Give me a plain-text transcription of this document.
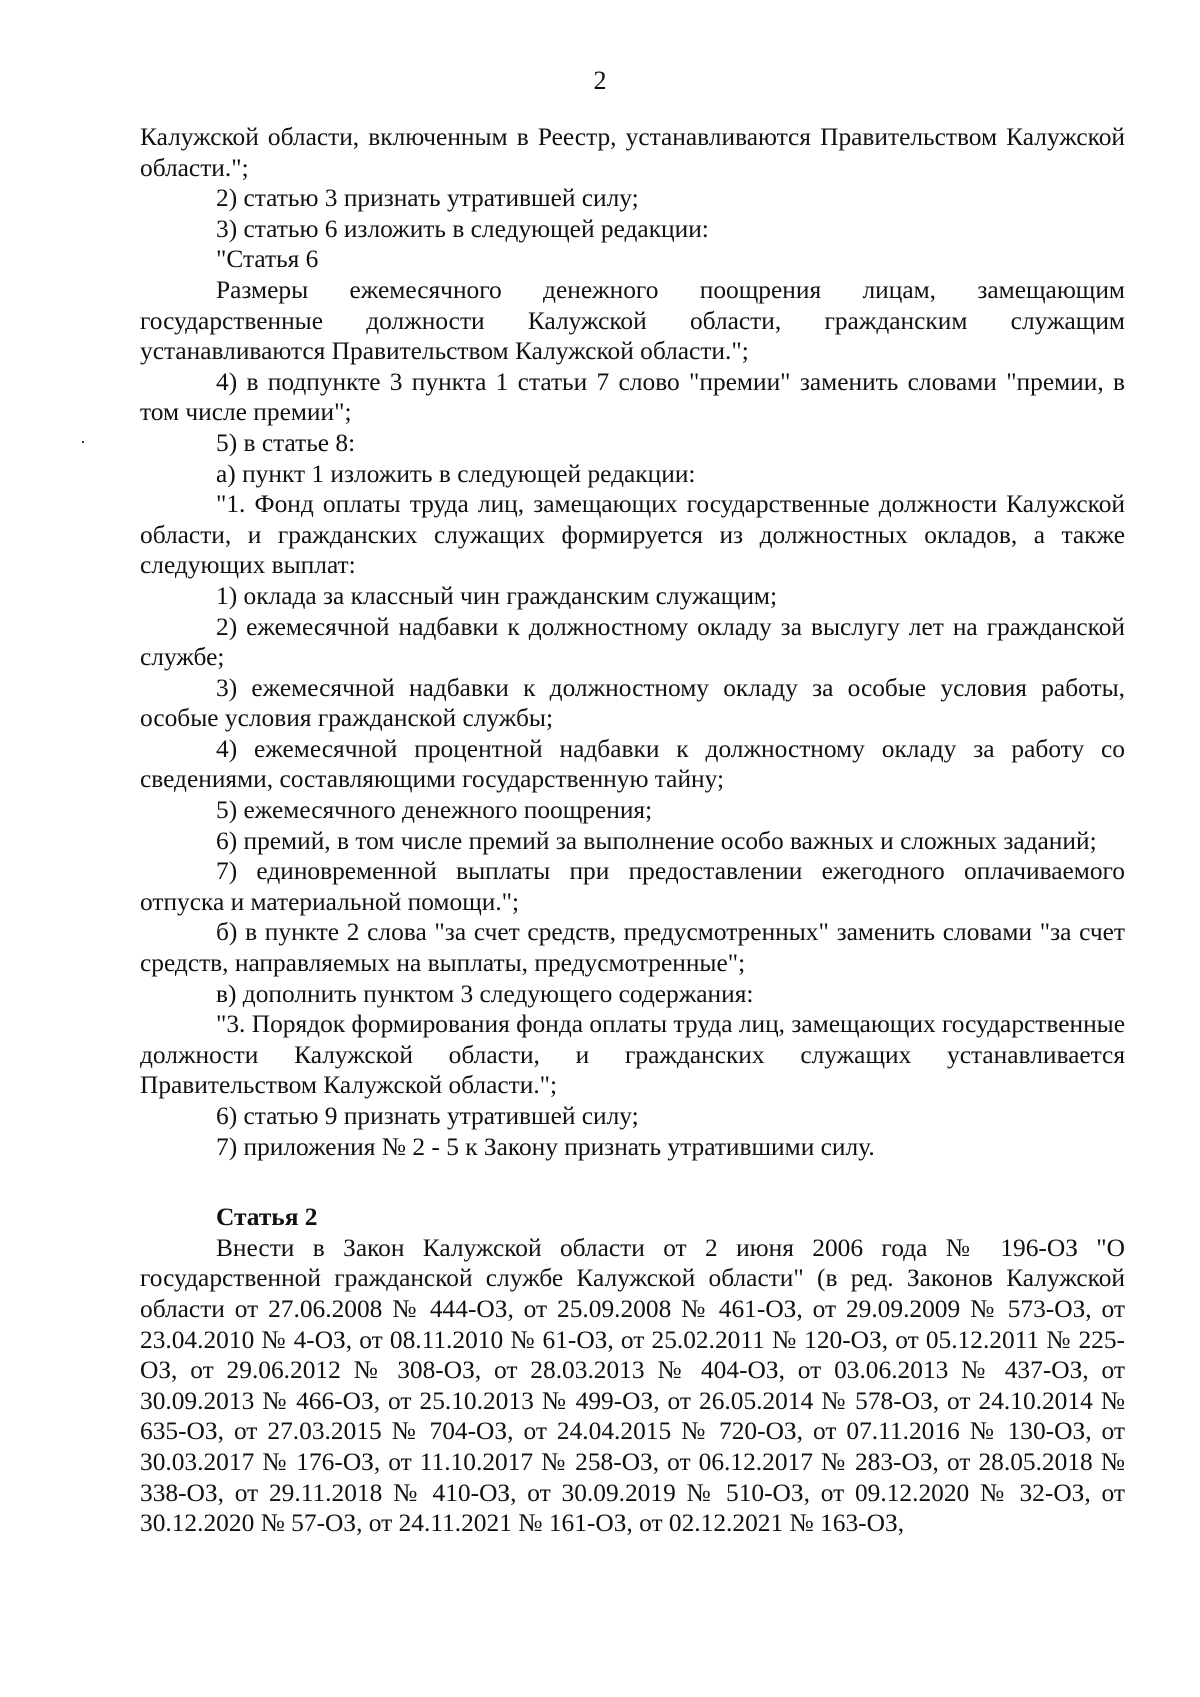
2

Калужской области, включенным в Реестр, устанавливаются Правительством Калужской области.";

2) статью 3 признать утратившей силу;

3) статью 6 изложить в следующей редакции:

"Статья 6

Размеры ежемесячного денежного поощрения лицам, замещающим государственные должности Калужской области, гражданским служащим устанавливаются Правительством Калужской области.";

4) в подпункте 3 пункта 1 статьи 7 слово "премии" заменить словами "премии, в том числе премии";

5) в статье 8:

а) пункт 1 изложить в следующей редакции:

"1. Фонд оплаты труда лиц, замещающих государственные должности Калужской области, и гражданских служащих формируется из должностных окладов, а также следующих выплат:

1) оклада за классный чин гражданским служащим;

2) ежемесячной надбавки к должностному окладу за выслугу лет на гражданской службе;

3) ежемесячной надбавки к должностному окладу за особые условия работы, особые условия гражданской службы;

4) ежемесячной процентной надбавки к должностному окладу за работу со сведениями, составляющими государственную тайну;

5) ежемесячного денежного поощрения;

6) премий, в том числе премий за выполнение особо важных и сложных заданий;

7) единовременной выплаты при предоставлении ежегодного оплачиваемого отпуска и материальной помощи.";

б) в пункте 2 слова "за счет средств, предусмотренных" заменить словами "за счет средств, направляемых на выплаты, предусмотренные";

в) дополнить пунктом 3 следующего содержания:

"3. Порядок формирования фонда оплаты труда лиц, замещающих государственные должности Калужской области, и гражданских служащих устанавливается Правительством Калужской области.";

6) статью 9 признать утратившей силу;

7) приложения № 2 - 5 к Закону признать утратившими силу.

Статья 2

Внести в Закон Калужской области от 2 июня 2006 года № 196-ОЗ "О государственной гражданской службе Калужской области" (в ред. Законов Калужской области от 27.06.2008 № 444-ОЗ, от 25.09.2008 № 461-ОЗ, от 29.09.2009 № 573-ОЗ, от 23.04.2010 № 4-ОЗ, от 08.11.2010 № 61-ОЗ, от 25.02.2011 № 120-ОЗ, от 05.12.2011 № 225-ОЗ, от 29.06.2012 № 308-ОЗ, от 28.03.2013 № 404-ОЗ, от 03.06.2013 № 437-ОЗ, от 30.09.2013 № 466-ОЗ, от 25.10.2013 № 499-ОЗ, от 26.05.2014 № 578-ОЗ, от 24.10.2014 № 635-ОЗ, от 27.03.2015 № 704-ОЗ, от 24.04.2015 № 720-ОЗ, от 07.11.2016 № 130-ОЗ, от 30.03.2017 № 176-ОЗ, от 11.10.2017 № 258-ОЗ, от 06.12.2017 № 283-ОЗ, от 28.05.2018 № 338-ОЗ, от 29.11.2018 № 410-ОЗ, от 30.09.2019 № 510-ОЗ, от 09.12.2020 № 32-ОЗ, от 30.12.2020 № 57-ОЗ, от 24.11.2021 № 161-ОЗ, от 02.12.2021 № 163-ОЗ,
